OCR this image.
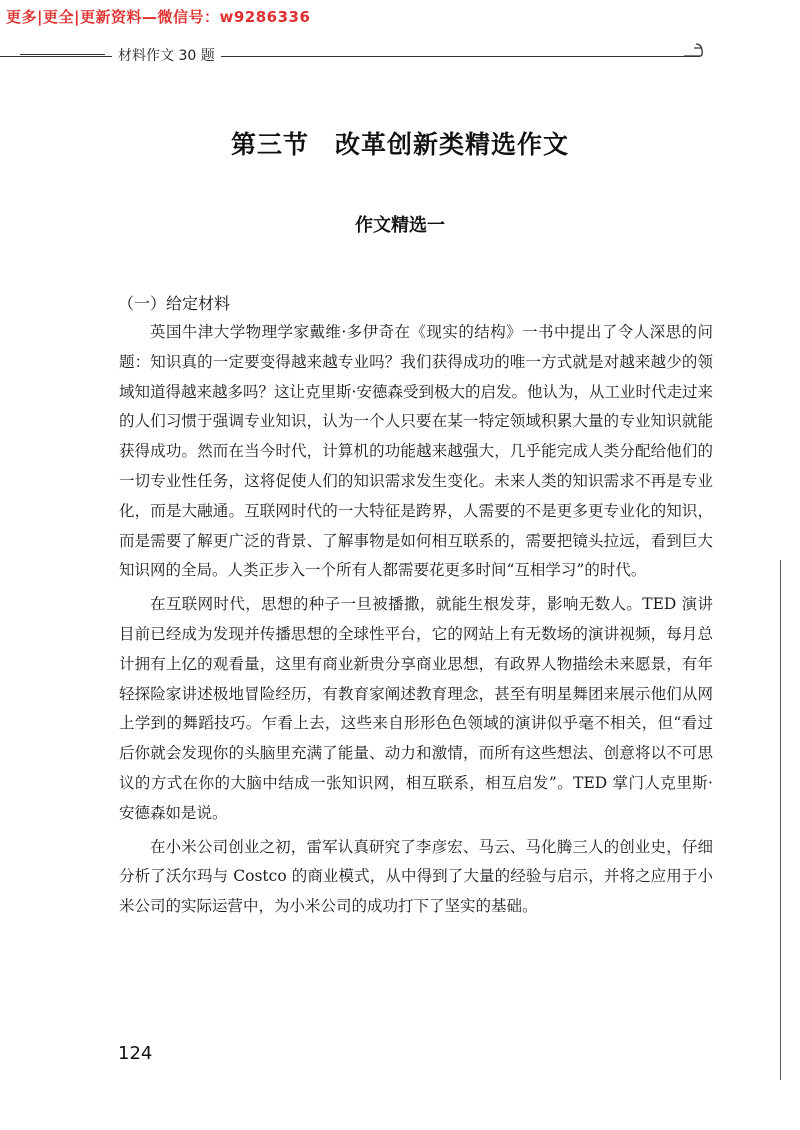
更多|更全|更新资料—微信号：w9286336
材料作文 30 题
第三节　改革创新类精选作文
作文精选一
（一）给定材料

英国牛津大学物理学家戴维·多伊奇在《现实的结构》一书中提出了令人深思的问题：知识真的一定要变得越来越专业吗？我们获得成功的唯一方式就是对越来越少的领域知道得越来越多吗？这让克里斯·安德森受到极大的启发。他认为，从工业时代走过来的人们习惯于强调专业知识，认为一个人只要在某一特定领域积累大量的专业知识就能获得成功。然而在当今时代，计算机的功能越来越强大，几乎能完成人类分配给他们的一切专业性任务，这将促使人们的知识需求发生变化。未来人类的知识需求不再是专业化，而是大融通。互联网时代的一大特征是跨界，人需要的不是更多更专业化的知识，而是需要了解更广泛的背景、了解事物是如何相互联系的，需要把镜头拉远，看到巨大知识网的全局。人类正步入一个所有人都需要花更多时间“互相学习”的时代。

在互联网时代，思想的种子一旦被播撒，就能生根发芽，影响无数人。TED 演讲目前已经成为发现并传播思想的全球性平台，它的网站上有无数场的演讲视频，每月总计拥有上亿的观看量，这里有商业新贵分享商业思想，有政界人物描绘未来愿景，有年轻探险家讲述极地冒险经历，有教育家阐述教育理念，甚至有明星舞团来展示他们从网上学到的舞蹈技巧。乍看上去，这些来自形形色色领域的演讲似乎毫不相关，但“看过后你就会发现你的头脑里充满了能量、动力和激情，而所有这些想法、创意将以不可思议的方式在你的大脑中结成一张知识网，相互联系，相互启发”。TED 掌门人克里斯·安德森如是说。

在小米公司创业之初，雷军认真研究了李彦宏、马云、马化腾三人的创业史，仔细分析了沃尔玛与 Costco 的商业模式，从中得到了大量的经验与启示，并将之应用于小米公司的实际运营中，为小米公司的成功打下了坚实的基础。

124
